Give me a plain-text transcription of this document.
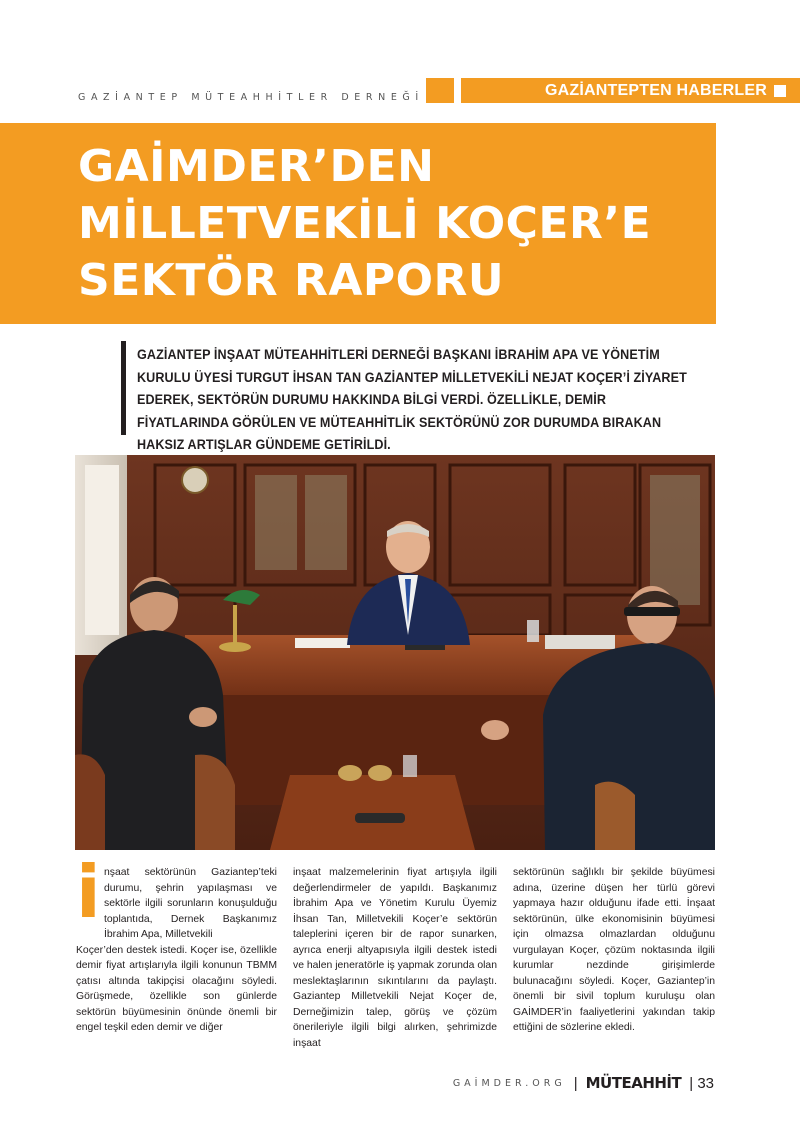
GAZİANTEP MÜTEAHHİTLER DERNEĞİ	GAZİANTEPTEN HABERLER
GAİMDER’DEN
MİLLETVEKİLİ KOÇER’E
SEKTÖR RAPORU

GAZİANTEP İNŞAAT MÜTEAHHİTLERİ DERNEĞİ BAŞKANI İBRAHİM APA VE YÖNETİM KURULU ÜYESİ TURGUT İHSAN TAN GAZİANTEP MİLLETVEKİLİ NEJAT KOÇER’İ ZİYARET EDEREK, SEKTÖRÜN DURUMU HAKKINDA BİLGİ VERDİ. ÖZELLİKLE, DEMİR FİYATLARINDA GÖRÜLEN VE MÜTEAHHİTLİK SEKTÖRÜNÜ ZOR DURUMDA BIRAKAN HAKSIZ ARTIŞLAR GÜNDEME GETİRİLDİ.

i nşaat sektörünün Gaziantep’teki durumu, şehrin yapılaşması ve sektörle ilgili sorunların konuşulduğu toplantıda, Dernek Başkanımız İbrahim Apa, Milletvekili
Koçer’den destek istedi. Koçer ise, özellikle demir fiyat artışlarıyla ilgili konunun TBMM çatısı altında takipçisi olacağını söyledi. Görüşmede, özellikle son günlerde sektörün büyümesinin önünde önemli bir engel teşkil eden demir ve diğer

inşaat malzemelerinin fiyat artışıyla ilgili değerlendirmeler de yapıldı. Başkanımız İbrahim Apa ve Yönetim Kurulu Üyemiz İhsan Tan, Milletvekili Koçer’e sektörün taleplerini içeren bir de rapor sunarken, ayrıca enerji altyapısıyla ilgili destek istedi ve halen jeneratörle iş yapmak zorunda olan meslektaşlarının sıkıntılarını da paylaştı. Gaziantep Milletvekili Nejat Koçer de, Derneğimizin talep, görüş ve çözüm önerileriyle ilgili bilgi alırken, şehrimizde inşaat

sektörünün sağlıklı bir şekilde büyümesi adına, üzerine düşen her türlü görevi yapmaya hazır olduğunu ifade etti. İnşaat sektörünün, ülke ekonomisinin büyümesi için olmazsa olmazlardan olduğunu vurgulayan Koçer, çözüm noktasında ilgili kurumlar nezdinde girişimlerde bulunacağını söyledi. Koçer, Gaziantep’in önemli bir sivil toplum kuruluşu olan GAİMDER’in faaliyetlerini yakından takip ettiğini de sözlerine ekledi.

GAİMDER.ORG | MÜTEAHHİT | 33
